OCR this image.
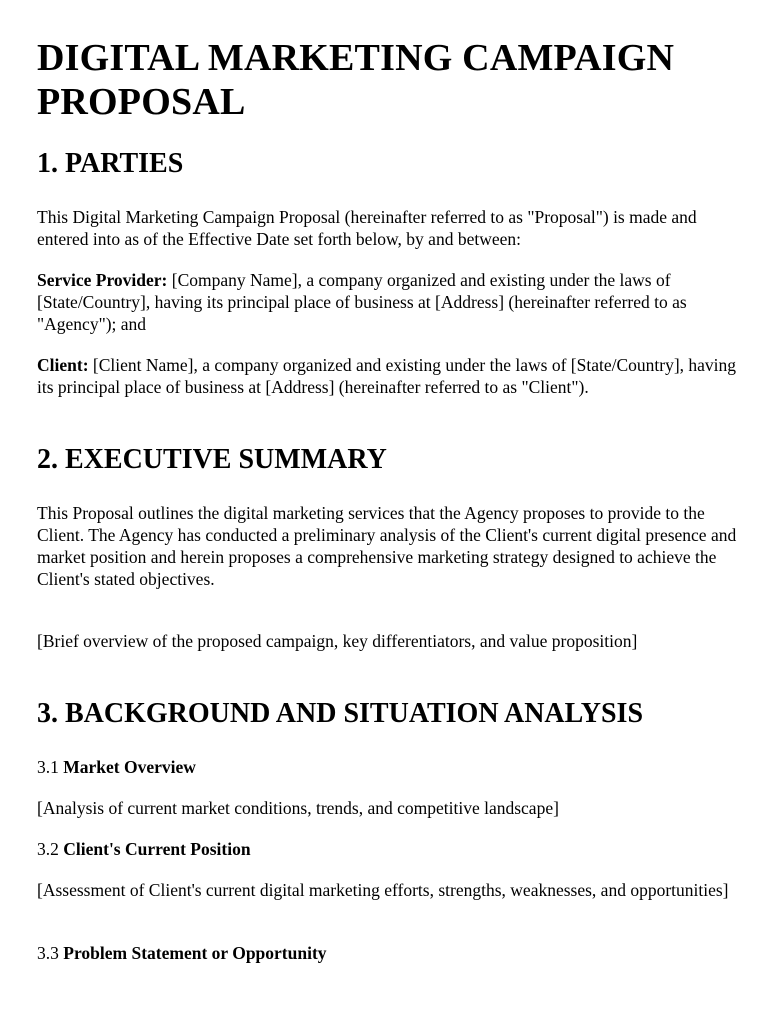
DIGITAL MARKETING CAMPAIGN PROPOSAL
1. PARTIES

This Digital Marketing Campaign Proposal (hereinafter referred to as "Proposal") is made and entered into as of the Effective Date set forth below, by and between:

Service Provider: [Company Name], a company organized and existing under the laws of [State/Country], having its principal place of business at [Address] (hereinafter referred to as "Agency"); and

Client: [Client Name], a company organized and existing under the laws of [State/Country], having its principal place of business at [Address] (hereinafter referred to as "Client").

2. EXECUTIVE SUMMARY

This Proposal outlines the digital marketing services that the Agency proposes to provide to the Client. The Agency has conducted a preliminary analysis of the Client's current digital presence and market position and herein proposes a comprehensive marketing strategy designed to achieve the Client's stated objectives.

[Brief overview of the proposed campaign, key differentiators, and value proposition]

3. BACKGROUND AND SITUATION ANALYSIS

3.1 Market Overview

[Analysis of current market conditions, trends, and competitive landscape]

3.2 Client's Current Position

[Assessment of Client's current digital marketing efforts, strengths, weaknesses, and opportunities]

3.3 Problem Statement or Opportunity
